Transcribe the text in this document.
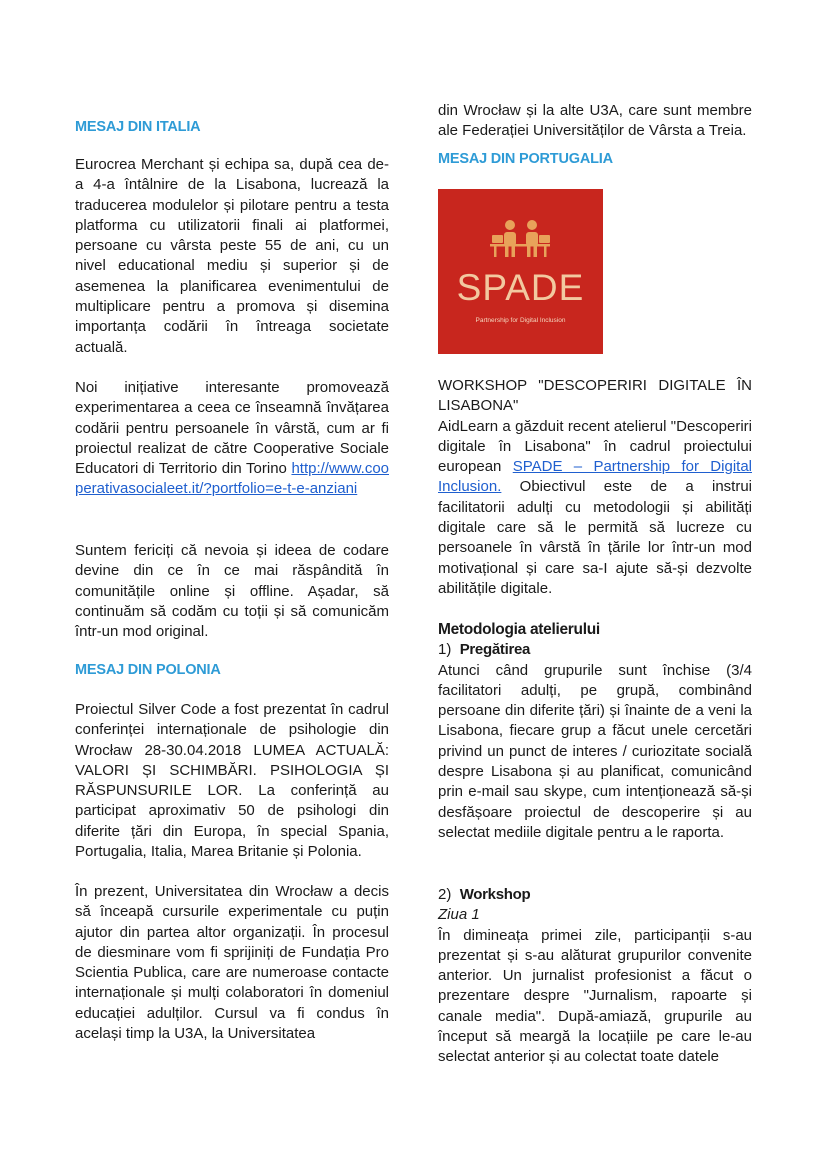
MESAJ DIN ITALIA

Eurocrea Merchant și echipa sa, după cea de-a 4-a întâlnire de la Lisabona, lucrează la traducerea modulelor și pilotare pentru a testa platforma cu utilizatorii finali ai platformei, persoane cu vârsta peste 55 de ani, cu un nivel educational mediu și superior și de asemenea la planificarea evenimentului de multiplicare pentru a promova și disemina importanța codării în întreaga societate actuală.

Noi inițiative interesante promovează experimentarea a ceea ce înseamnă învățarea codării pentru persoanele în vârstă, cum ar fi proiectul realizat de către Cooperative Sociale Educatori di Territorio din Torino http://www.cooperativasocialeet.it/?portfolio=e-t-e-anziani

Suntem fericiți că nevoia și ideea de codare devine din ce în ce mai răspândită în comunitățile online și offline. Așadar, să continuăm să codăm cu toții și să comunicăm într-un mod original.

MESAJ DIN POLONIA

Proiectul Silver Code a fost prezentat în cadrul conferinței internaționale de psihologie din Wrocław 28-30.04.2018 LUMEA ACTUALĂ: VALORI ȘI SCHIMBĂRI. PSIHOLOGIA ȘI RĂSPUNSURILE LOR. La conferință au participat aproximativ 50 de psihologi din diferite țări din Europa, în special Spania, Portugalia, Italia, Marea Britanie și Polonia.

În prezent, Universitatea din Wrocław a decis să înceapă cursurile experimentale cu puțin ajutor din partea altor organizații. În procesul de diesminare vom fi sprijiniți de Fundația Pro Scientia Publica, care are numeroase contacte internaționale și mulți colaboratori în domeniul educației adulților. Cursul va fi condus în același timp la U3A, la Universitatea

din Wrocław și la alte U3A, care sunt membre ale Federației Universităților de Vârsta a Treia.

MESAJ DIN PORTUGALIA
SPADE
Partnership for Digital Inclusion

WORKSHOP "DESCOPERIRI DIGITALE ÎN LISABONA"

AidLearn a găzduit recent atelierul "Descoperiri digitale în Lisabona" în cadrul proiectului european SPADE – Partnership for Digital Inclusion. Obiectivul este de a instrui facilitatorii adulți cu metodologii și abilități digitale care să le permită să lucreze cu persoanele în vârstă în țările lor într-un mod motivațional și care sa-I ajute să-și dezvolte abilitățile digitale.

Metodologia atelierului

1) Pregătirea

Atunci când grupurile sunt închise (3/4 facilitatori adulți, pe grupă, combinând persoane din diferite țări) și înainte de a veni la Lisabona, fiecare grup a făcut unele cercetări privind un punct de interes / curiozitate socială despre Lisabona și au planificat, comunicând prin e-mail sau skype, cum intenționează să-și desfășoare proiectul de descoperire și au selectat mediile digitale pentru a le raporta.

2) Workshop

Ziua 1

În dimineața primei zile, participanții s-au prezentat și s-au alăturat grupurilor convenite anterior. Un jurnalist profesionist a făcut o prezentare despre "Jurnalism, rapoarte și canale media". După-amiază, grupurile au început să meargă la locațiile pe care le-au selectat anterior și au colectat toate datele
